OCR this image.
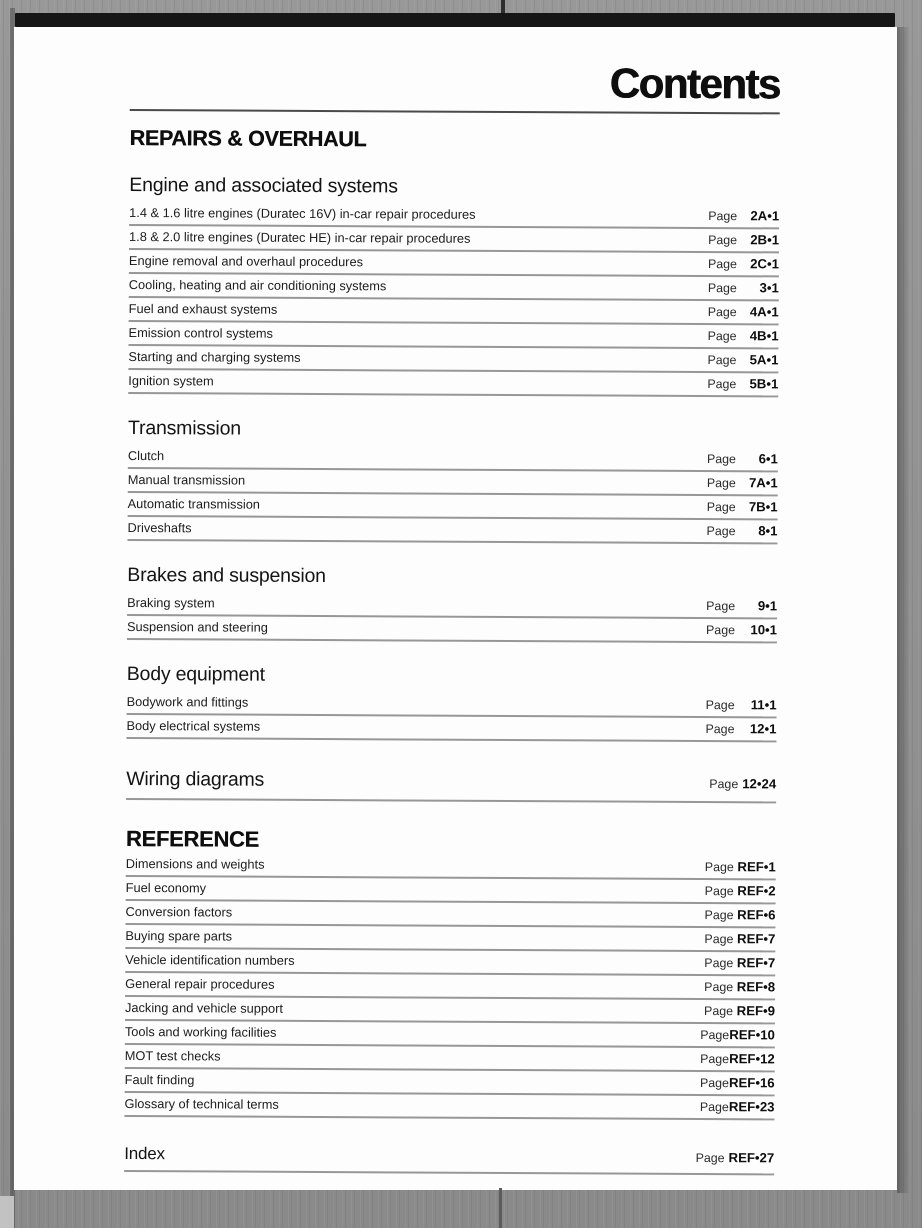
Contents
REPAIRS & OVERHAUL
Engine and associated systems
1.4 & 1.6 litre engines (Duratec 16V) in-car repair procedures	Page 2A•1
1.8 & 2.0 litre engines (Duratec HE) in-car repair procedures	Page 2B•1
Engine removal and overhaul procedures	Page 2C•1
Cooling, heating and air conditioning systems	Page	3•1
Fuel and exhaust systems	Page 4A•1
Emission control systems	Page 4B•1
Starting and charging systems	Page 5A•1
Ignition system	Page 5B•1
Transmission
Clutch	Page	6•1
Manual transmission	Page 7A•1
Automatic transmission	Page 7B•1
Driveshafts	Page	8•1
Brakes and suspension
Braking system	Page	9•1
Suspension and steering	Page	10•1
Body equipment
Bodywork and fittings	Page	11•1
Body electrical systems	Page	12•1
Wiring diagrams	Page 12•24
REFERENCE
Dimensions and weights	Page REF•1
Fuel economy	Page REF•2
Conversion factors	Page REF•6
Buying spare parts	Page REF•7
Vehicle identification numbers	Page REF•7
General repair procedures	Page REF•8
Jacking and vehicle support	Page REF•9
Tools and working facilities	Page REF•10
MOT test checks	Page REF•12
Fault finding	Page REF•16
Glossary of technical terms	Page REF•23
Index	Page REF•27
